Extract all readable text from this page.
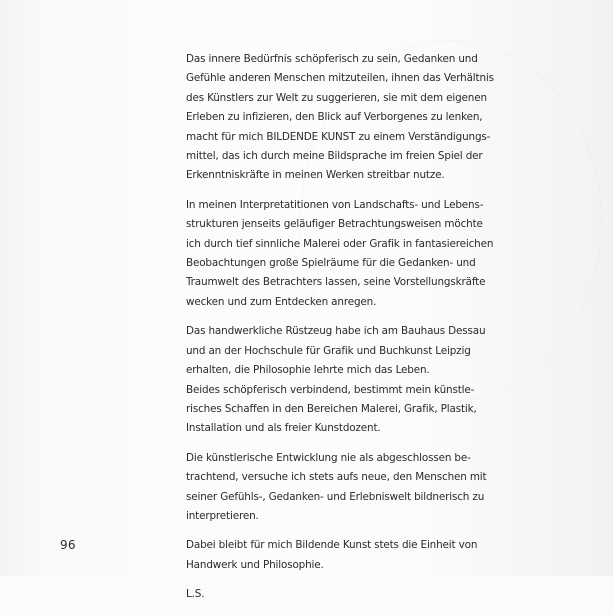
Das innere Bedürfnis schöpferisch zu sein, Gedanken und
Gefühle anderen Menschen mitzuteilen, ihnen das Verhältnis
des Künstlers zur Welt zu suggerieren, sie mit dem eigenen
Erleben zu infizieren, den Blick auf Verborgenes zu lenken,
macht für mich BILDENDE KUNST zu einem Verständigungs-
mittel, das ich durch meine Bildsprache im freien Spiel der
Erkenntniskräfte in meinen Werken streitbar nutze.
In meinen Interpretatitionen von Landschafts- und Lebens-
strukturen jenseits geläufiger Betrachtungsweisen möchte
ich durch tief sinnliche Malerei oder Grafik in fantasiereichen
Beobachtungen große Spielräume für die Gedanken- und
Traumwelt des Betrachters lassen, seine Vorstellungskräfte
wecken und zum Entdecken anregen.
Das handwerkliche Rüstzeug habe ich am Bauhaus Dessau
und an der Hochschule für Grafik und Buchkunst Leipzig
erhalten, die Philosophie lehrte mich das Leben.
Beides schöpferisch verbindend, bestimmt mein künstle-
risches Schaffen in den Bereichen Malerei, Grafik, Plastik,
Installation und als freier Kunstdozent.
Die künstlerische Entwicklung nie als abgeschlossen be-
trachtend, versuche ich stets aufs neue, den Menschen mit
seiner Gefühls-, Gedanken- und Erlebniswelt bildnerisch zu
interpretieren.
Dabei bleibt für mich Bildende Kunst stets die Einheit von
Handwerk und Philosophie.
L.S.
96
